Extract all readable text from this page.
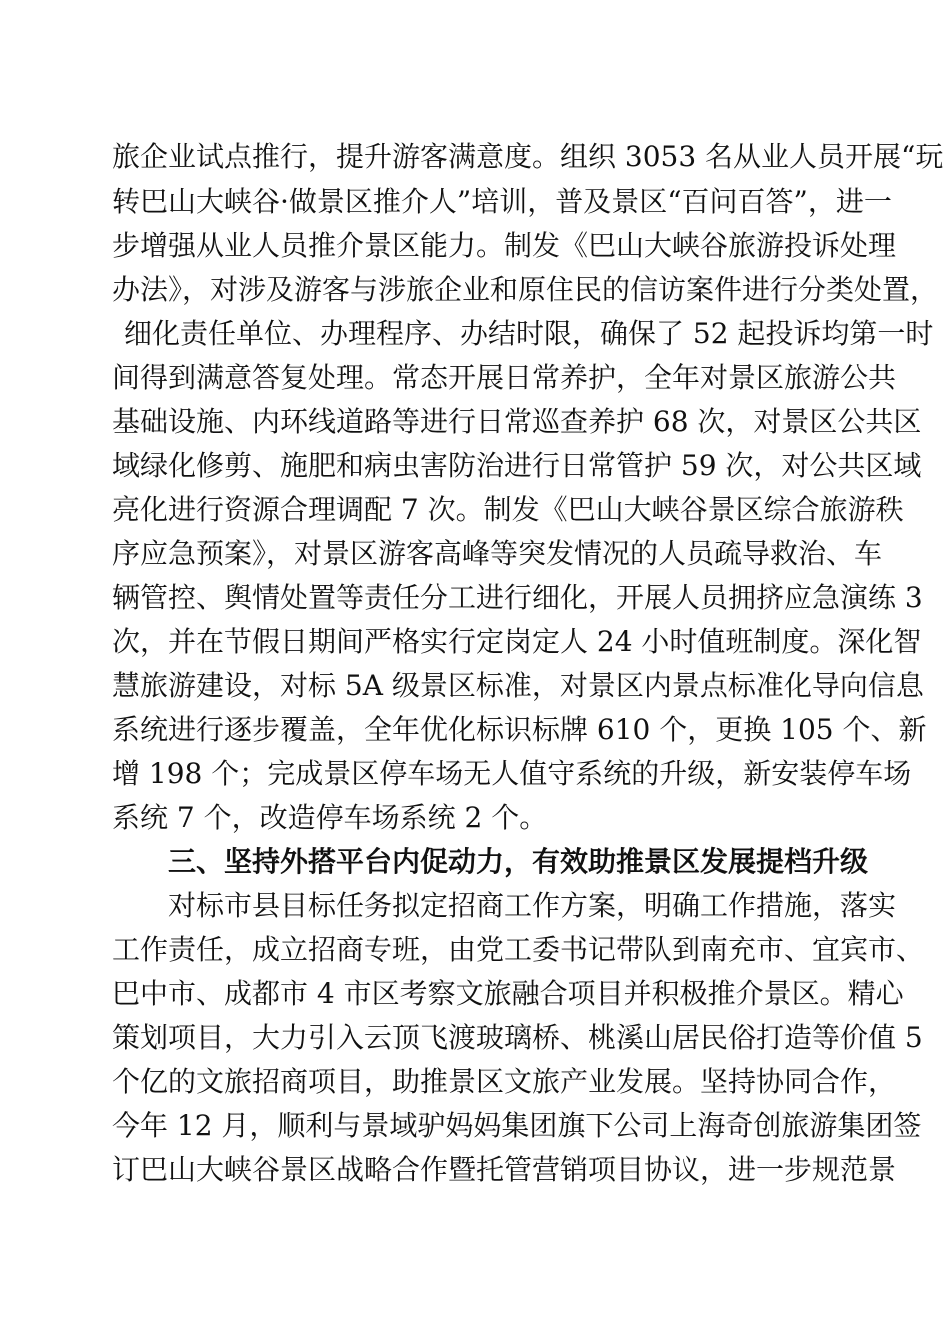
旅企业试点推行，提升游客满意度。组织 3053 名从业人员开展“玩
转巴山大峡谷·做景区推介人”培训，普及景区“百问百答”，进一
步增强从业人员推介景区能力。制发《巴山大峡谷旅游投诉处理
办法》，对涉及游客与涉旅企业和原住民的信访案件进行分类处置，
细化责任单位、办理程序、办结时限，确保了 52 起投诉均第一时
间得到满意答复处理。常态开展日常养护，全年对景区旅游公共
基础设施、内环线道路等进行日常巡查养护 68 次，对景区公共区
域绿化修剪、施肥和病虫害防治进行日常管护 59 次，对公共区域
亮化进行资源合理调配 7 次。制发《巴山大峡谷景区综合旅游秩
序应急预案》，对景区游客高峰等突发情况的人员疏导救治、车
辆管控、舆情处置等责任分工进行细化，开展人员拥挤应急演练 3
次，并在节假日期间严格实行定岗定人 24 小时值班制度。深化智
慧旅游建设，对标 5A 级景区标准，对景区内景点标准化导向信息
系统进行逐步覆盖，全年优化标识标牌 610 个，更换 105 个、新
增 198 个；完成景区停车场无人值守系统的升级，新安装停车场
系统 7 个，改造停车场系统 2 个。
三、坚持外搭平台内促动力，有效助推景区发展提档升级
对标市县目标任务拟定招商工作方案，明确工作措施，落实
工作责任，成立招商专班，由党工委书记带队到南充市、宜宾市、
巴中市、成都市 4 市区考察文旅融合项目并积极推介景区。精心
策划项目，大力引入云顶飞渡玻璃桥、桃溪山居民俗打造等价值 5
个亿的文旅招商项目，助推景区文旅产业发展。坚持协同合作，
今年 12 月，顺利与景域驴妈妈集团旗下公司上海奇创旅游集团签
订巴山大峡谷景区战略合作暨托管营销项目协议，进一步规范景
